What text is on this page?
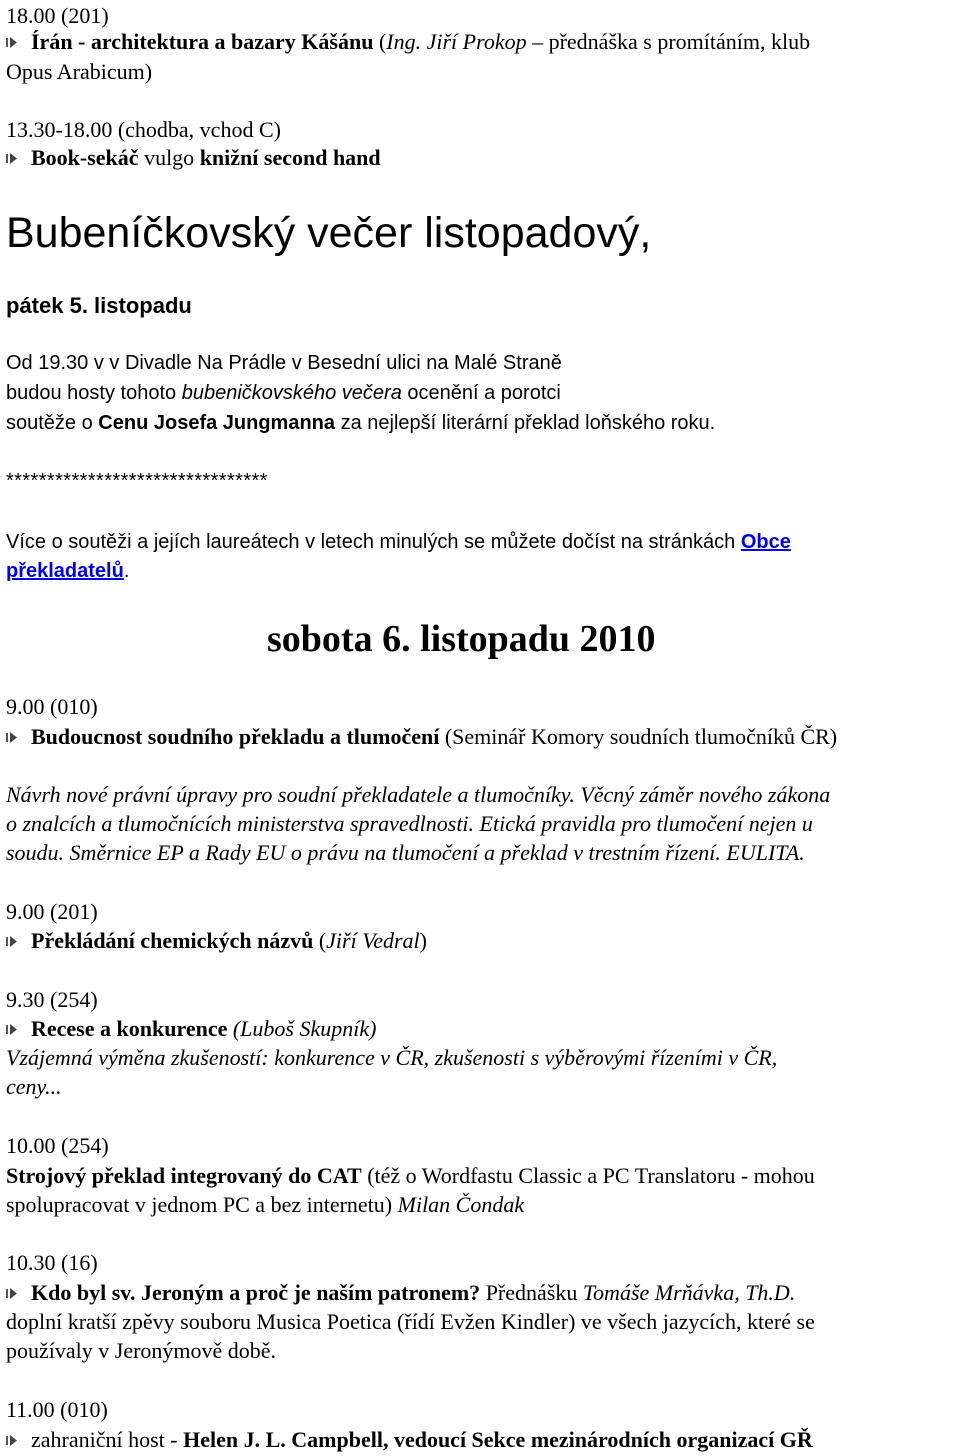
18.00 (201)
Írán - architektura a bazary Kášánu (Ing. Jiří Prokop – přednáška s promítáním, klub
Opus Arabicum)
13.30-18.00 (chodba, vchod C)
Book-sekáč vulgo knižní second hand
Bubeníčkovský večer listopadový,
pátek 5. listopadu
Od 19.30 v v Divadle Na Prádle v Besední ulici na Malé Straně
budou hosty tohoto bubeničkovského večera ocenění a porotci
soutěže o Cenu Josefa Jungmanna za nejlepší literární překlad loňského roku.
********************************
Více o soutěži a jejích laureátech v letech minulých se můžete dočíst na stránkách Obce
překladatelů.
sobota 6. listopadu 2010
9.00 (010)
Budoucnost soudního překladu a tlumočení (Seminář Komory soudních tlumočníků ČR)
Návrh nové právní úpravy pro soudní překladatele a tlumočníky. Věcný záměr nového zákona
o znalcích a tlumočnících ministerstva spravedlnosti. Etická pravidla pro tlumočení nejen u
soudu. Směrnice EP a Rady EU o právu na tlumočení a překlad v trestním řízení. EULITA.
9.00 (201)
Překládání chemických názvů (Jiří Vedral)
9.30 (254)
Recese a konkurence (Luboš Skupník)
Vzájemná výměna zkušeností: konkurence v ČR, zkušenosti s výběrovými řízeními v ČR,
ceny...
10.00 (254)
Strojový překlad integrovaný do CAT (též o Wordfastu Classic a PC Translatoru - mohou
spolupracovat v jednom PC a bez internetu) Milan Čondak
10.30 (16)
Kdo byl sv. Jeroným a proč je naším patronem? Přednášku Tomáše Mrňávka, Th.D.
doplní kratší zpěvy souboru Musica Poetica (řídí Evžen Kindler) ve všech jazycích, které se
používaly v Jeronýmově době.
11.00 (010)
zahraniční host - Helen J. L. Campbell, vedoucí Sekce mezinárodních organizací GŘ
